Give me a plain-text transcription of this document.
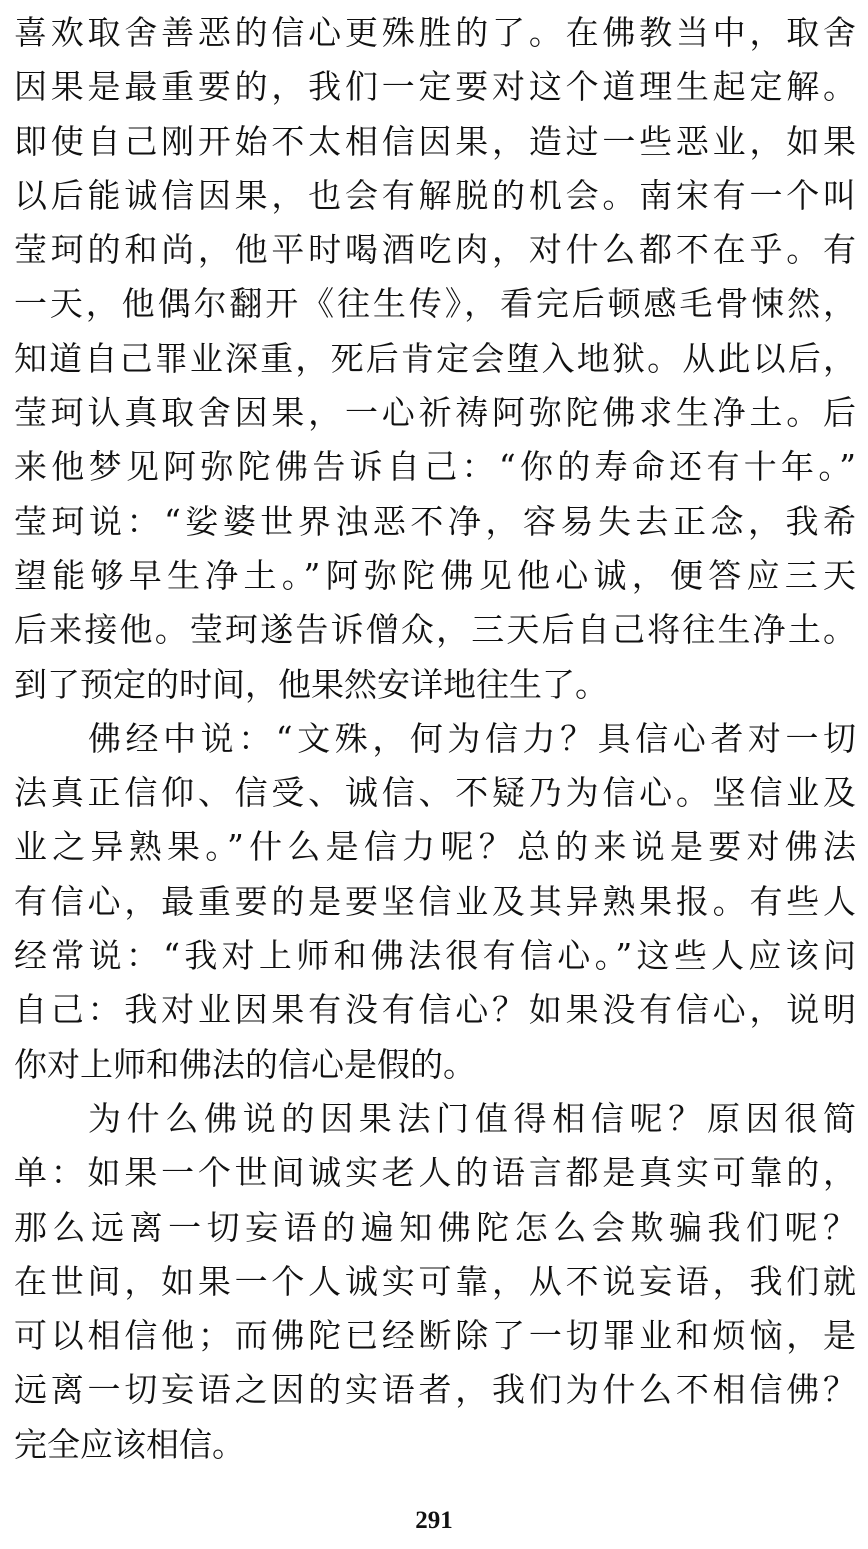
喜欢取舍善恶的信心更殊胜的了。在佛教当中，取舍
因果是最重要的，我们一定要对这个道理生起定解。
即使自己刚开始不太相信因果，造过一些恶业，如果
以后能诚信因果，也会有解脱的机会。南宋有一个叫
莹珂的和尚，他平时喝酒吃肉，对什么都不在乎。有
一天，他偶尔翻开《往生传》，看完后顿感毛骨悚然，
知道自己罪业深重，死后肯定会堕入地狱。从此以后，
莹珂认真取舍因果，一心祈祷阿弥陀佛求生净土。后
来他梦见阿弥陀佛告诉自己：“你的寿命还有十年。”
莹珂说：“娑婆世界浊恶不净，容易失去正念，我希
望能够早生净土。”阿弥陀佛见他心诚，便答应三天
后来接他。莹珂遂告诉僧众，三天后自己将往生净土。
到了预定的时间，他果然安详地往生了。
佛经中说：“文殊，何为信力？具信心者对一切
法真正信仰、信受、诚信、不疑乃为信心。坚信业及
业之异熟果。”什么是信力呢？总的来说是要对佛法
有信心，最重要的是要坚信业及其异熟果报。有些人
经常说：“我对上师和佛法很有信心。”这些人应该问
自己：我对业因果有没有信心？如果没有信心，说明
你对上师和佛法的信心是假的。
为什么佛说的因果法门值得相信呢？原因很简
单：如果一个世间诚实老人的语言都是真实可靠的，
那么远离一切妄语的遍知佛陀怎么会欺骗我们呢？
在世间，如果一个人诚实可靠，从不说妄语，我们就
可以相信他；而佛陀已经断除了一切罪业和烦恼，是
远离一切妄语之因的实语者，我们为什么不相信佛？
完全应该相信。
291
